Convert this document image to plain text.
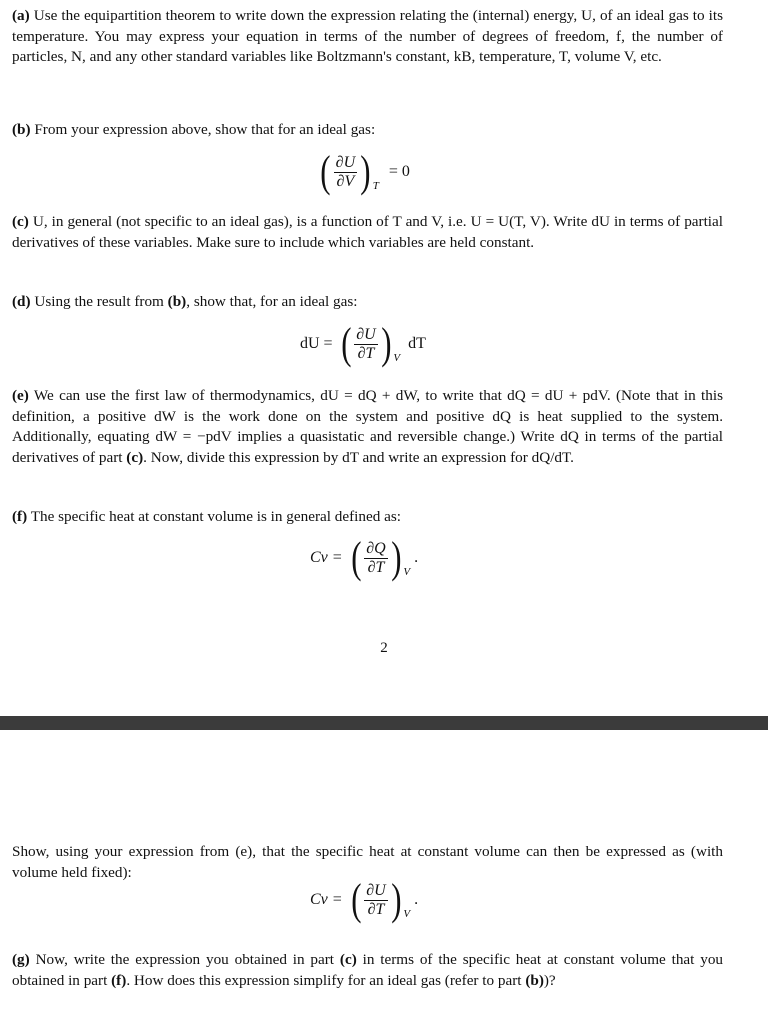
(a) Use the equipartition theorem to write down the expression relating the (internal) energy, U, of an ideal gas to its temperature. You may express your equation in terms of the number of degrees of freedom, f, the number of particles, N, and any other standard variables like Boltzmann's constant, kB, temperature, T, volume V, etc.
(b) From your expression above, show that for an ideal gas:
( $\frac{\partial U}{\partial V}$ ) T
= 0
(c) U, in general (not specific to an ideal gas), is a function of T and V, i.e. U = U(T, V). Write dU in terms of partial derivatives of these variables. Make sure to include which variables are held constant.
(d) Using the result from (b), show that, for an ideal gas:
dU = ( $\frac{\partial U}{\partial T}$ ) V
dT
(e) We can use the first law of thermodynamics, dU = dQ + dW, to write that dQ = dU + pdV. (Note that in this definition, a positive dW is the work done on the system and positive dQ is heat supplied to the system. Additionally, equating dW = −pdV implies a quasistatic and reversible change.) Write dQ in terms of the partial derivatives of part (c). Now, divide this expression by dT and write an expression for dQ/dT.
(f) The specific heat at constant volume is in general defined as:
Cv = ( $\frac{\partial Q}{\partial T}$ ) V
.
2
Show, using your expression from (e), that the specific heat at constant volume can then be expressed as (with volume held fixed):
Cv = ( $\frac{\partial U}{\partial T}$ ) V
.
(g) Now, write the expression you obtained in part (c) in terms of the specific heat at constant volume that you obtained in part (f). How does this expression simplify for an ideal gas (refer to part (b))?
